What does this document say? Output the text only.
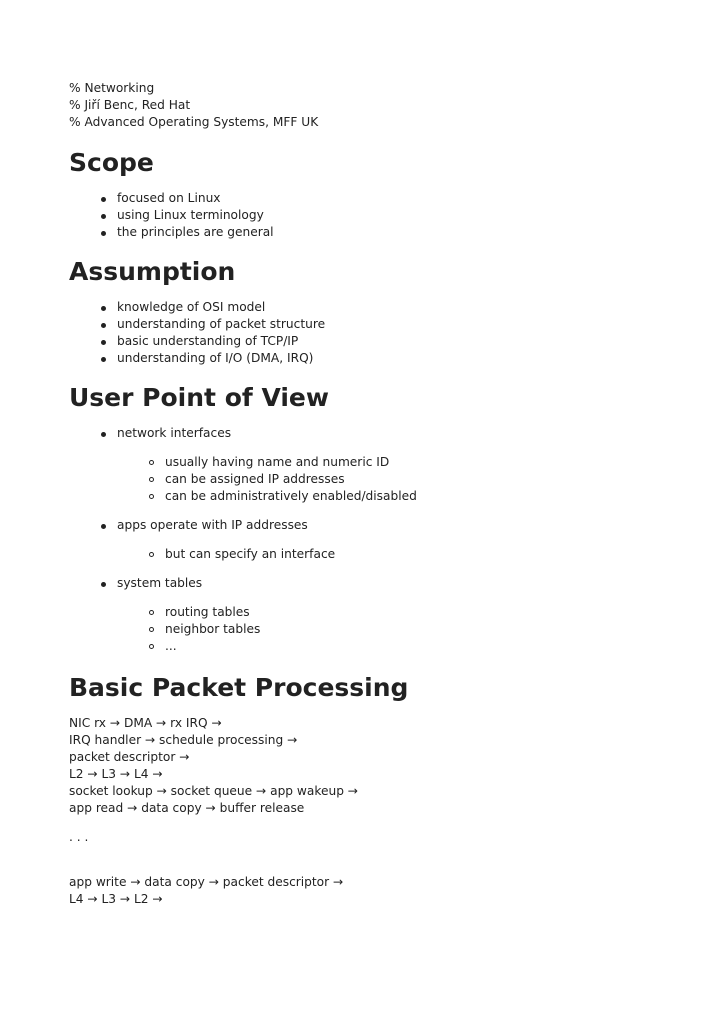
% Networking
% Jiří Benc, Red Hat
% Advanced Operating Systems, MFF UK
Scope
focused on Linux
using Linux terminology
the principles are general
Assumption
knowledge of OSI model
understanding of packet structure
basic understanding of TCP/IP
understanding of I/O (DMA, IRQ)
User Point of View
network interfaces
usually having name and numeric ID
can be assigned IP addresses
can be administratively enabled/disabled
apps operate with IP addresses
but can specify an interface
system tables
routing tables
neighbor tables
...
Basic Packet Processing
NIC rx → DMA → rx IRQ →
IRQ handler → schedule processing →
packet descriptor →
L2 → L3 → L4 →
socket lookup → socket queue → app wakeup →
app read → data copy → buffer release
. . .
app write → data copy → packet descriptor →
L4 → L3 → L2 →
